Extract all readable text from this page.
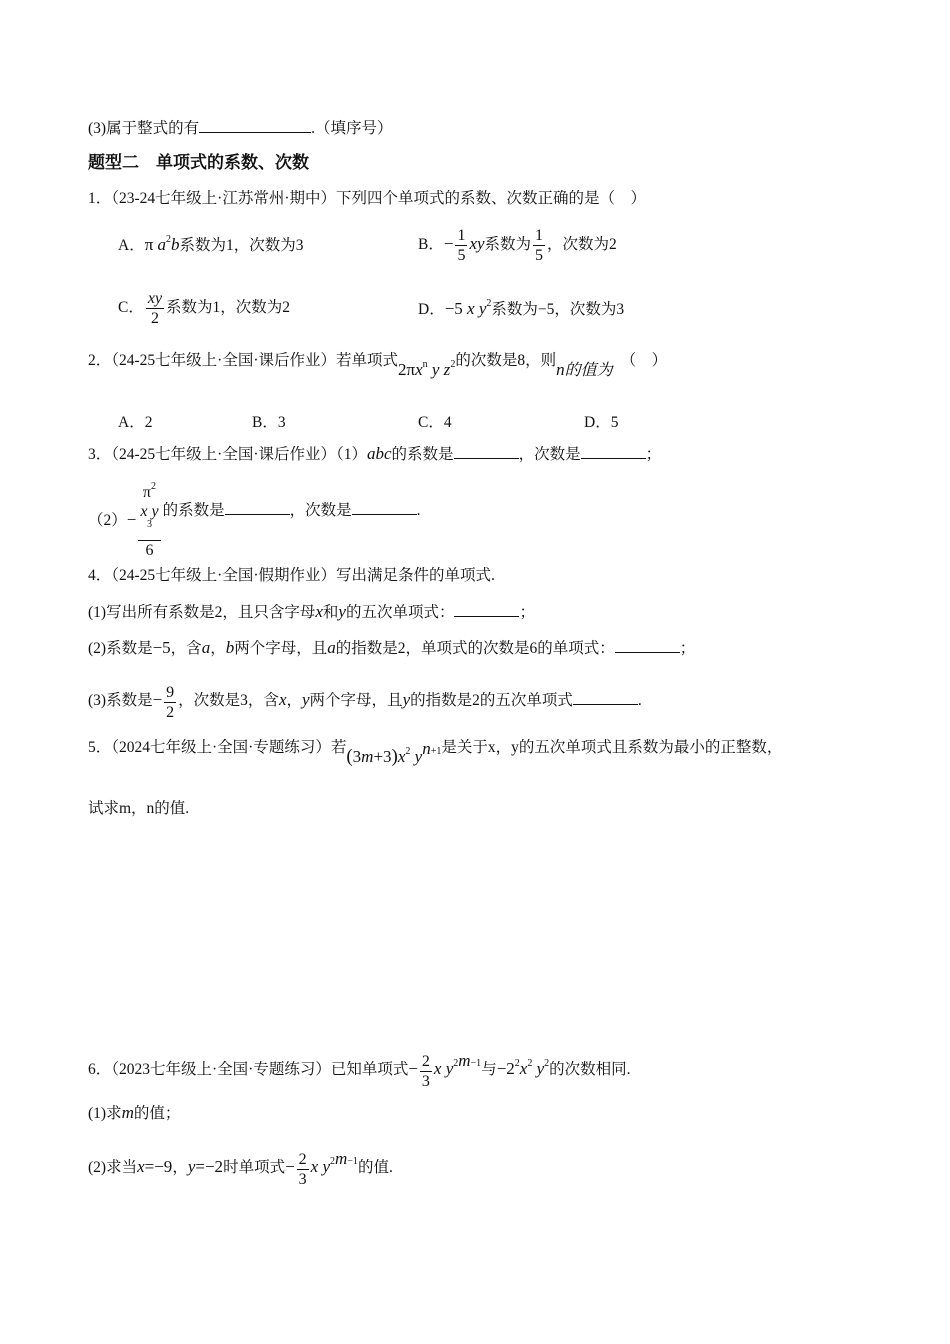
(3)属于整式的有	.（填序号）
题型二　单项式的系数、次数
1．（23-24七年级上·江苏常州·期中）下列四个单项式的系数、次数正确的是（　）
A．π $a^2b$系数为1，次数为3	B．− $\frac{1}{5}$ xy系数为 $\frac{1}{5}$ ，次数为2
C． $\frac{xy}{2}$ 系数为1，次数为2	D．−5 x $y^2$系数为−5，次数为3
2．（24-25七年级上·全国·课后作业）若单项式$2\pi x^n$ y $z^2$的次数是8，则n的值为 （　）
A．2	B．3	C．4	D．5
3．（24-25七年级上·全国·课后作业）（1）abc的系数是	，次数是	；
$(2)- \pi^2$
x y
$^3$
6 的系数是	，次数是	.
4．（24-25七年级上·全国·假期作业）写出满足条件的单项式.
(1)写出所有系数是2，且只含字母x和y的五次单项式：	；
(2)系数是−5，含a，b两个字母，且a的指数是2，单项式的次数是6的单项式：	；
(3)系数是− $\frac{9}{2}$ ，次数是3，含x，y两个字母，且y的指数是2的五次单项式	.
5．（2024七年级上·全国·专题练习）若$(3m+3)x^2$ $y^{n+1}$是关于x，y的五次单项式且系数为最小的正整数，
试求m，n的值.
6．（2023七年级上·全国·专题练习）已知单项式− $\frac{2}{3}$ x $y^{2m-1}$与$-2^2x^2$ $y^2$的次数相同.
(1)求m的值；
(2)求当x=−9，y=−2时单项式− $\frac{2}{3}$ x $y^{2m-1}$的值.
